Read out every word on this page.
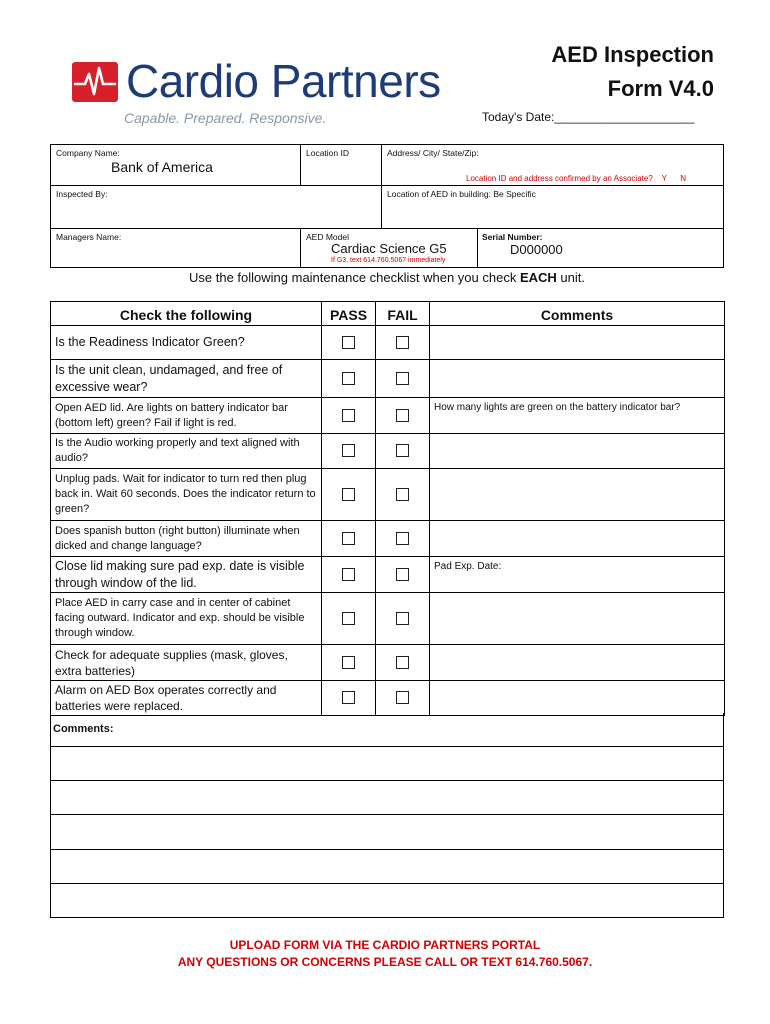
Cardio Partners
Capable. Prepared. Responsive.
AED Inspection
Form V4.0
Today's Date:_____________________
Company Name:
Bank of America
Location ID	Address/ City/ State/Zip:
Location ID and address confirmed by an Associate? Y N
Inspected By:	Location of AED in building: Be Specific
Managers Name:	AED Model
Cardiac Science G5
If G3, text 614.760.5067 immediately
Serial Number:
D000000
Use the following maintenance checklist when you check EACH unit.
Check the following	PASS	FAIL	Comments
Is the Readiness Indicator Green?			
Is the unit clean, undamaged, and free of excessive wear?			
Open AED lid. Are lights on battery indicator bar (bottom left) green? Fail if light is red.			How many lights are green on the battery indicator bar?
Is the Audio working properly and text aligned with audio?			
Unplug pads. Wait for indicator to turn red then plug back in. Wait 60 seconds. Does the indicator return to green?			
Does spanish button (right button) illuminate when dicked and change language?			
Close lid making sure pad exp. date is visible through window of the lid.			Pad Exp. Date:
Place AED in carry case and in center of cabinet facing outward. Indicator and exp. should be visible through window.			
Check for adequate supplies (mask, gloves, extra batteries)			
Alarm on AED Box operates correctly and batteries were replaced.			
Comments:
UPLOAD FORM VIA THE CARDIO PARTNERS PORTAL
ANY QUESTIONS OR CONCERNS PLEASE CALL OR TEXT 614.760.5067.
